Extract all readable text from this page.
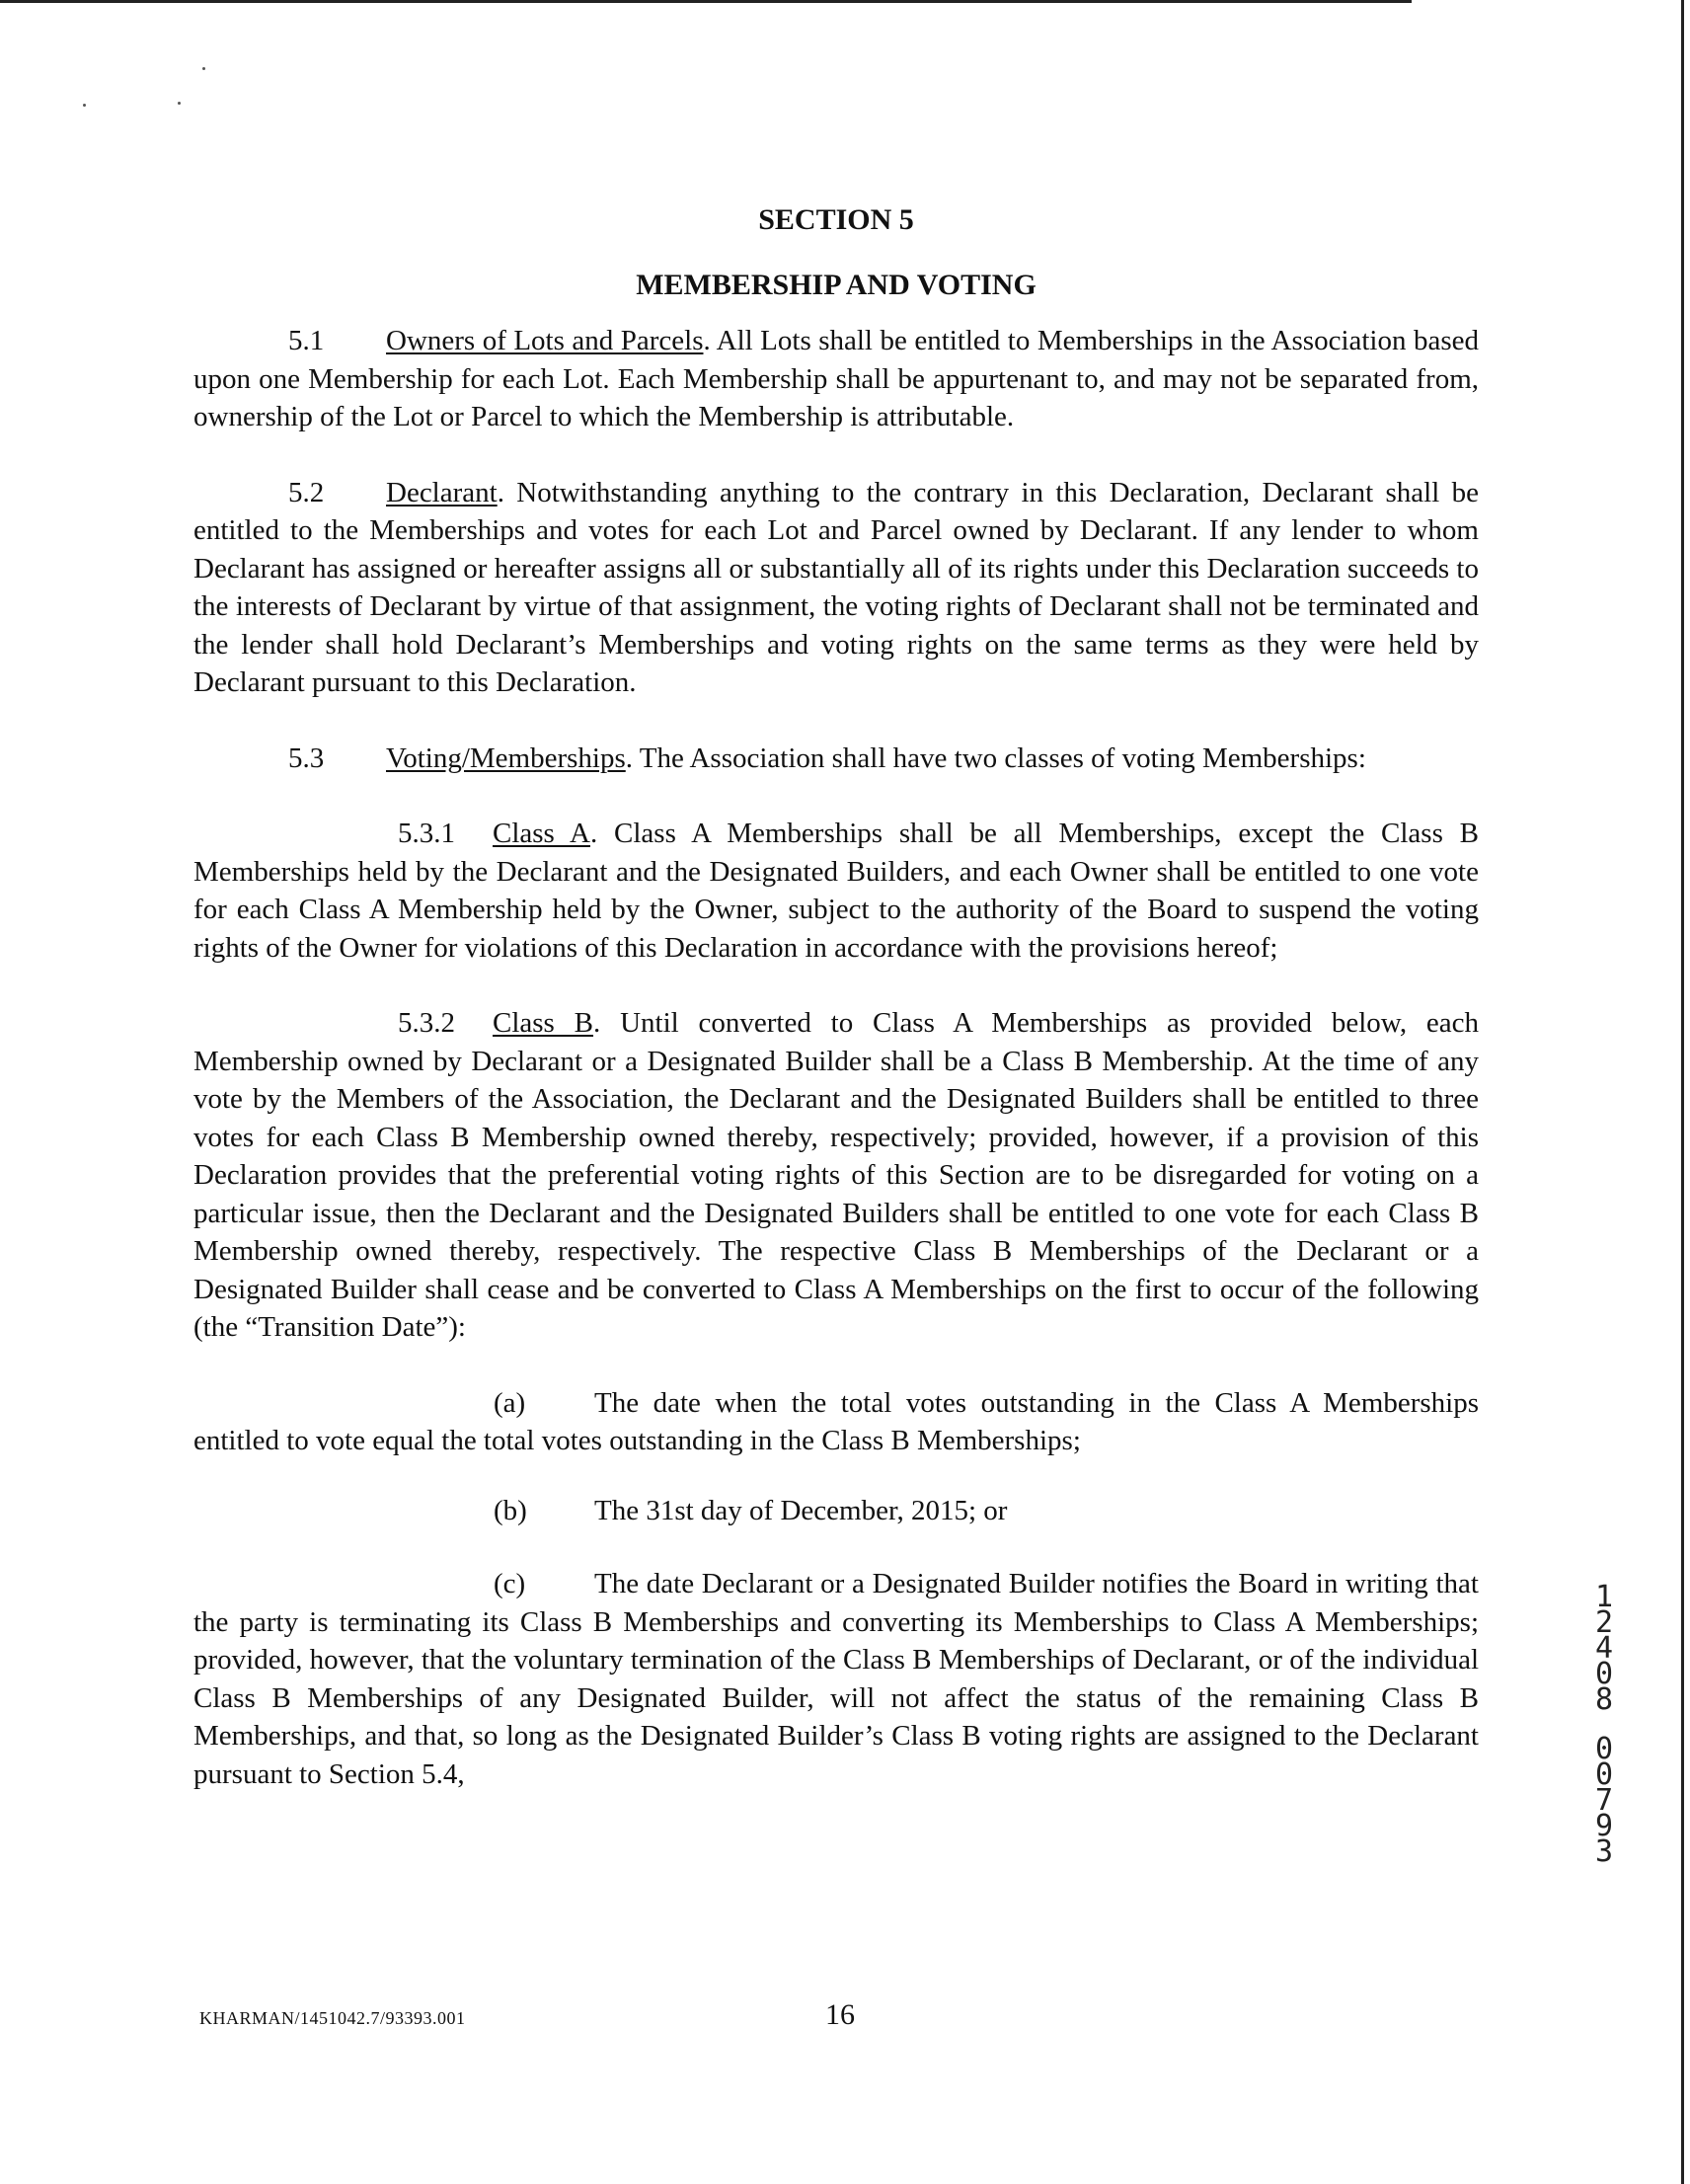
SECTION 5

MEMBERSHIP AND VOTING

5.1 Owners of Lots and Parcels. All Lots shall be entitled to Memberships in the Association based upon one Membership for each Lot. Each Membership shall be appurtenant to, and may not be separated from, ownership of the Lot or Parcel to which the Membership is attributable.

5.2 Declarant. Notwithstanding anything to the contrary in this Declaration, Declarant shall be entitled to the Memberships and votes for each Lot and Parcel owned by Declarant. If any lender to whom Declarant has assigned or hereafter assigns all or substantially all of its rights under this Declaration succeeds to the interests of Declarant by virtue of that assignment, the voting rights of Declarant shall not be terminated and the lender shall hold Declarant’s Memberships and voting rights on the same terms as they were held by Declarant pursuant to this Declaration.

5.3 Voting/Memberships. The Association shall have two classes of voting Memberships:

5.3.1 Class A. Class A Memberships shall be all Memberships, except the Class B Memberships held by the Declarant and the Designated Builders, and each Owner shall be entitled to one vote for each Class A Membership held by the Owner, subject to the authority of the Board to suspend the voting rights of the Owner for violations of this Declaration in accordance with the provisions hereof;

5.3.2 Class B. Until converted to Class A Memberships as provided below, each Membership owned by Declarant or a Designated Builder shall be a Class B Membership. At the time of any vote by the Members of the Association, the Declarant and the Designated Builders shall be entitled to three votes for each Class B Membership owned thereby, respectively; provided, however, if a provision of this Declaration provides that the preferential voting rights of this Section are to be disregarded for voting on a particular issue, then the Declarant and the Designated Builders shall be entitled to one vote for each Class B Membership owned thereby, respectively. The respective Class B Memberships of the Declarant or a Designated Builder shall cease and be converted to Class A Memberships on the first to occur of the following (the “Transition Date”):

(a) The date when the total votes outstanding in the Class A Memberships entitled to vote equal the total votes outstanding in the Class B Memberships;

(b) The 31st day of December, 2015; or

(c) The date Declarant or a Designated Builder notifies the Board in writing that the party is terminating its Class B Memberships and converting its Memberships to Class A Memberships; provided, however, that the voluntary termination of the Class B Memberships of Declarant, or of the individual Class B Memberships of any Designated Builder, will not affect the status of the remaining Class B Memberships, and that, so long as the Designated Builder’s Class B voting rights are assigned to the Declarant pursuant to Section 5.4,

KHARMAN/1451042.7/93393.001	16
1
2
4
0
8
0
0
7
9
3
